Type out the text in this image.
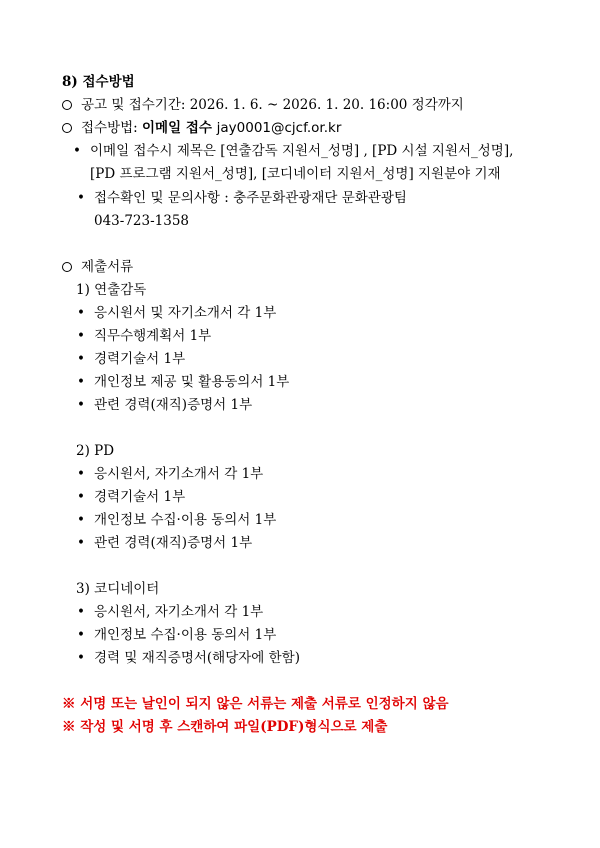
8) 접수방법
공고 및 접수기간: 2026. 1. 6. ~ 2026. 1. 20. 16:00 정각까지
접수방법: 이메일 접수 jay0001@cjcf.or.kr
• 이메일 접수시 제목은 [연출감독 지원서_성명] , [PD 시설 지원서_성명],
[PD 프로그램 지원서_성명], [코디네이터 지원서_성명] 지원분야 기재
• 접수확인 및 문의사항 : 충주문화관광재단 문화관광팀
043-723-1358
제출서류
1) 연출감독
• 응시원서 및 자기소개서 각 1부
• 직무수행계획서 1부
• 경력기술서 1부
• 개인정보 제공 및 활용동의서 1부
• 관련 경력(재직)증명서 1부
2) PD
• 응시원서, 자기소개서 각 1부
• 경력기술서 1부
• 개인정보 수집·이용 동의서 1부
• 관련 경력(재직)증명서 1부
3) 코디네이터
• 응시원서, 자기소개서 각 1부
• 개인정보 수집·이용 동의서 1부
• 경력 및 재직증명서(해당자에 한함)
※ 서명 또는 날인이 되지 않은 서류는 제출 서류로 인정하지 않음
※ 작성 및 서명 후 스캔하여 파일(PDF)형식으로 제출
